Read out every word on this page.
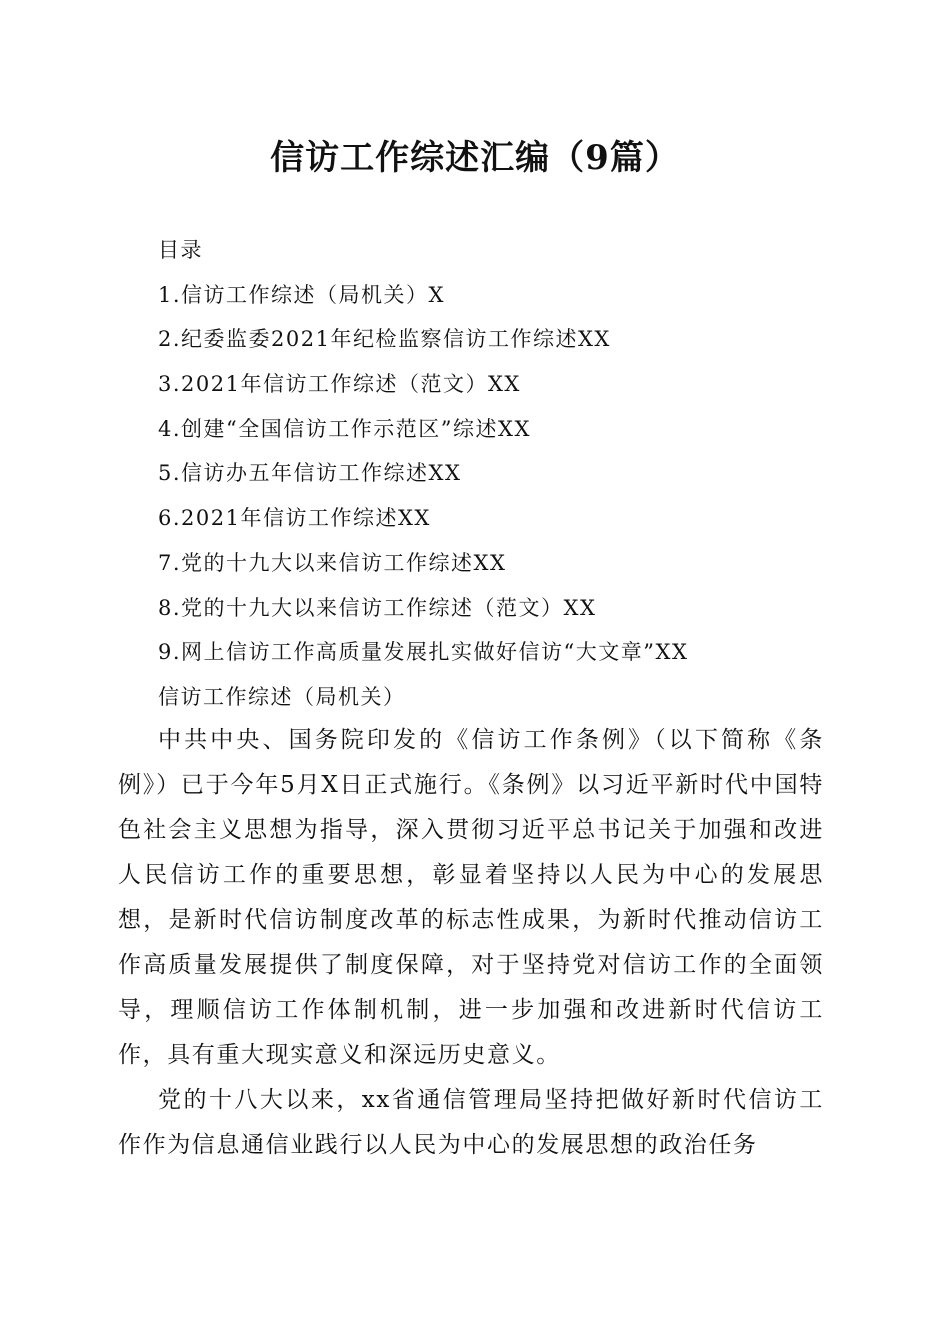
信访工作综述汇编（9篇）
目录
1.信访工作综述（局机关）X
2.纪委监委2021年纪检监察信访工作综述XX
3.2021年信访工作综述（范文）XX
4.创建“全国信访工作示范区”综述XX
5.信访办五年信访工作综述XX
6.2021年信访工作综述XX
7.党的十九大以来信访工作综述XX
8.党的十九大以来信访工作综述（范文）XX
9.网上信访工作高质量发展扎实做好信访“大文章”XX
信访工作综述（局机关）

中共中央、国务院印发的《信访工作条例》（以下简称《条例》）已于今年5月X日正式施行。《条例》以习近平新时代中国特色社会主义思想为指导，深入贯彻习近平总书记关于加强和改进人民信访工作的重要思想，彰显着坚持以人民为中心的发展思想，是新时代信访制度改革的标志性成果，为新时代推动信访工作高质量发展提供了制度保障，对于坚持党对信访工作的全面领导，理顺信访工作体制机制，进一步加强和改进新时代信访工作，具有重大现实意义和深远历史意义。

党的十八大以来，xx省通信管理局坚持把做好新时代信访工作作为信息通信业践行以人民为中心的发展思想的政治任务
